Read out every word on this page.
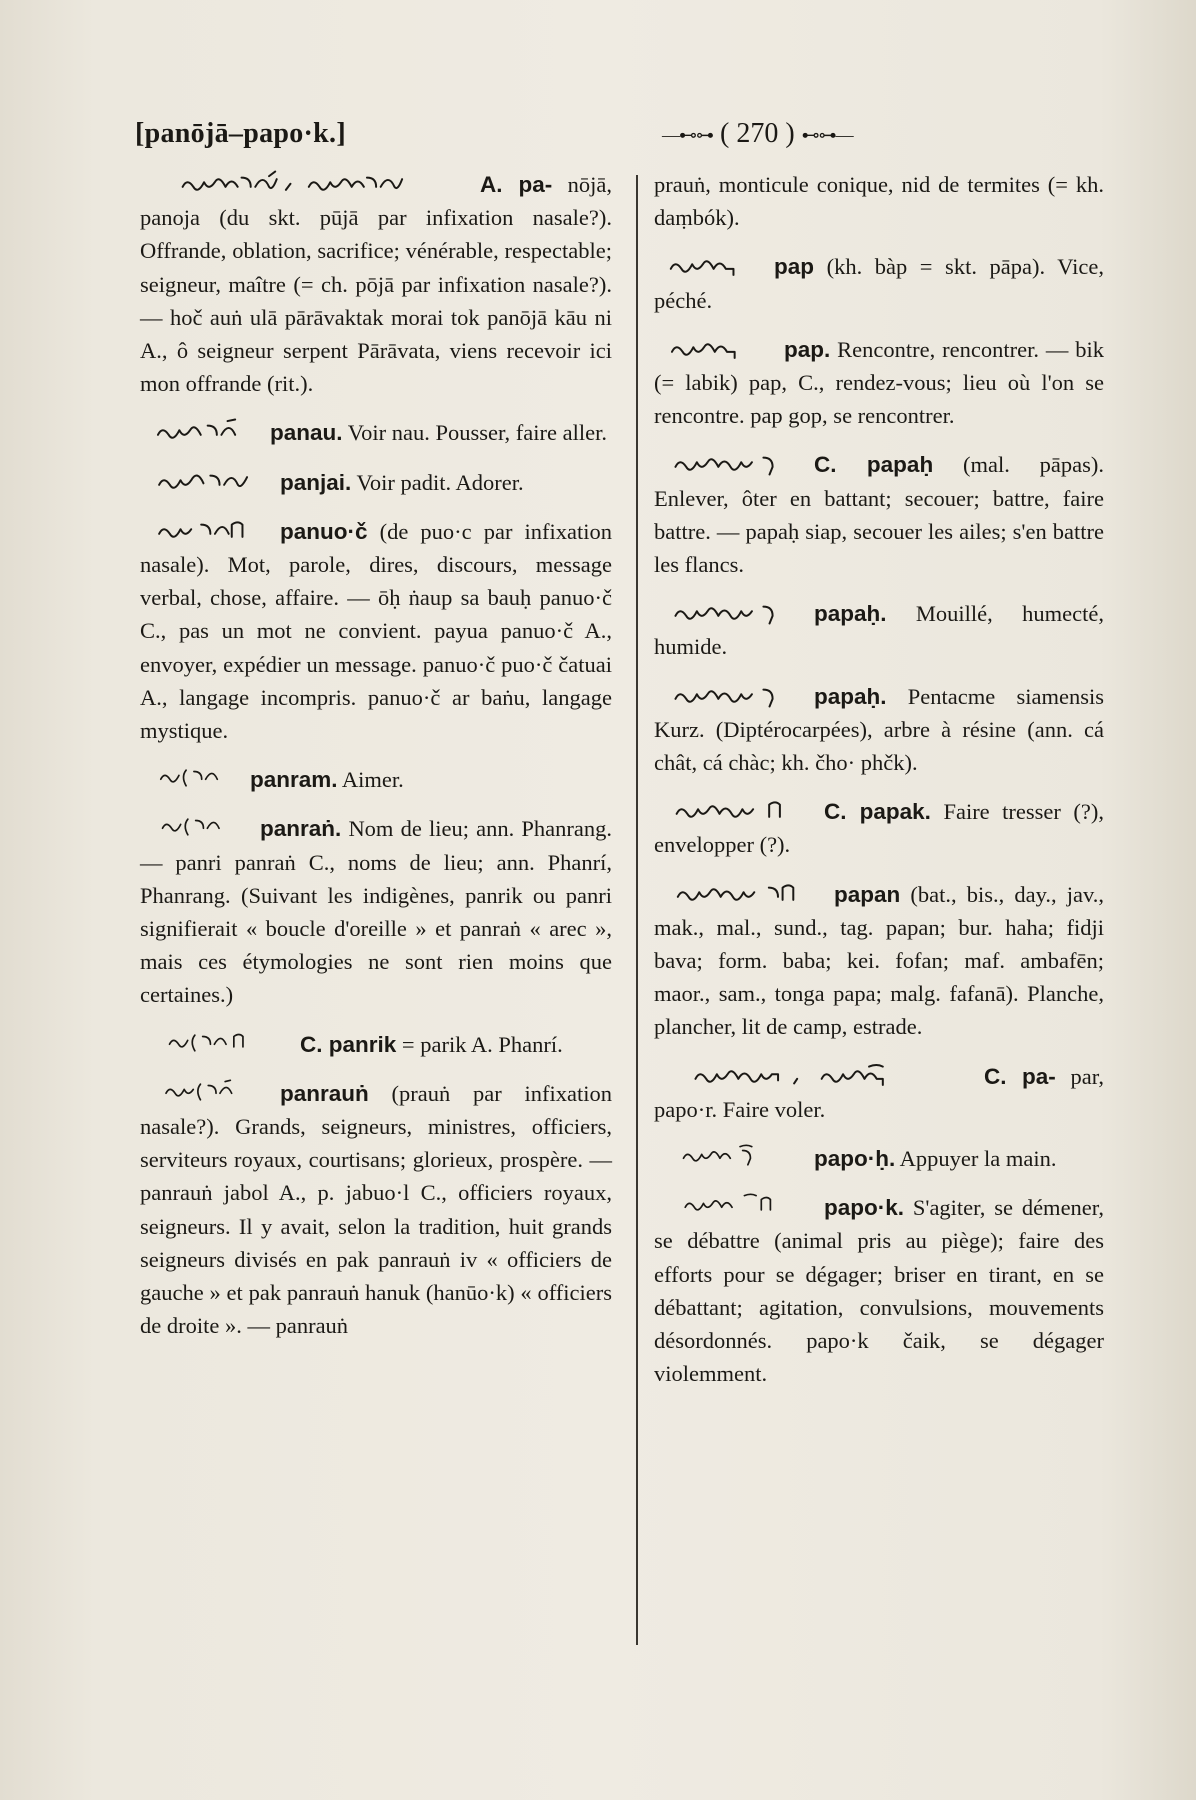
[panōjā–papo·k.]	—⊷⊶ ( 270 ) ⊷⊶—
A. pa- nōjā, panoja (du skt. pūjā par infixation nasale?). Offrande, oblation, sacrifice; vénérable, respectable; seigneur, maître (= ch. pōjā par infixation nasale?). — hoč auṅ ulā pārāvaktak morai tok panōjā kāu ni A., ô seigneur serpent Pārāvata, viens recevoir ici mon offrande (rit.).
panau. Voir nau. Pousser, faire aller.
panjai. Voir padit. Adorer.
panuo·č (de puo·c par infixation nasale). Mot, parole, dires, discours, message verbal, chose, affaire. — ōḥ ṅaup sa bauḥ panuo·č C., pas un mot ne convient. payua panuo·č A., envoyer, expédier un message. panuo·č puo·č čatuai A., langage incompris. panuo·č ar baṅu, langage mystique.
panram. Aimer.
panraṅ. Nom de lieu; ann. Phanrang. — panri panraṅ C., noms de lieu; ann. Phanrí, Phanrang. (Suivant les indigènes, panrik ou panri signifierait « boucle d'oreille » et panraṅ « arec », mais ces étymologies ne sont rien moins que certaines.)
C. panrik = parik A. Phanrí.
panrauṅ (prauṅ par infixation nasale?). Grands, seigneurs, ministres, officiers, serviteurs royaux, courtisans; glorieux, prospère. — panrauṅ jabol A., p. jabuo·l C., officiers royaux, seigneurs. Il y avait, selon la tradition, huit grands seigneurs divisés en pak panrauṅ iv « officiers de gauche » et pak panrauṅ hanuk (hanūo·k) « officiers de droite ». — panrauṅ
prauṅ, monticule conique, nid de termites (= kh. daṃbók).
pap (kh. bàp = skt. pāpa). Vice, péché.
pap. Rencontre, rencontrer. — bik (= labik) pap, C., rendez-vous; lieu où l'on se rencontre. pap gop, se rencontrer.
C. papaḥ (mal. pāpas). Enlever, ôter en battant; secouer; battre, faire battre. — papaḥ siap, secouer les ailes; s'en battre les flancs.
papaḥ. Mouillé, humecté, humide.
papaḥ. Pentacme siamensis Kurz. (Diptérocarpées), arbre à résine (ann. cá chât, cá chàc; kh. čho· phčk).
C. papak. Faire tresser (?), envelopper (?).
papan (bat., bis., day., jav., mak., mal., sund., tag. papan; bur. haha; fidji bava; form. baba; kei. fofan; maf. ambafēn; maor., sam., tonga papa; malg. fafanā). Planche, plancher, lit de camp, estrade.
C. pa- par, papo·r. Faire voler.
papo·ḥ. Appuyer la main.
papo·k. S'agiter, se démener, se débattre (animal pris au piège); faire des efforts pour se dégager; briser en tirant, en se débattant; agitation, convulsions, mouvements désordonnés. papo·k čaik, se dégager violemment.
